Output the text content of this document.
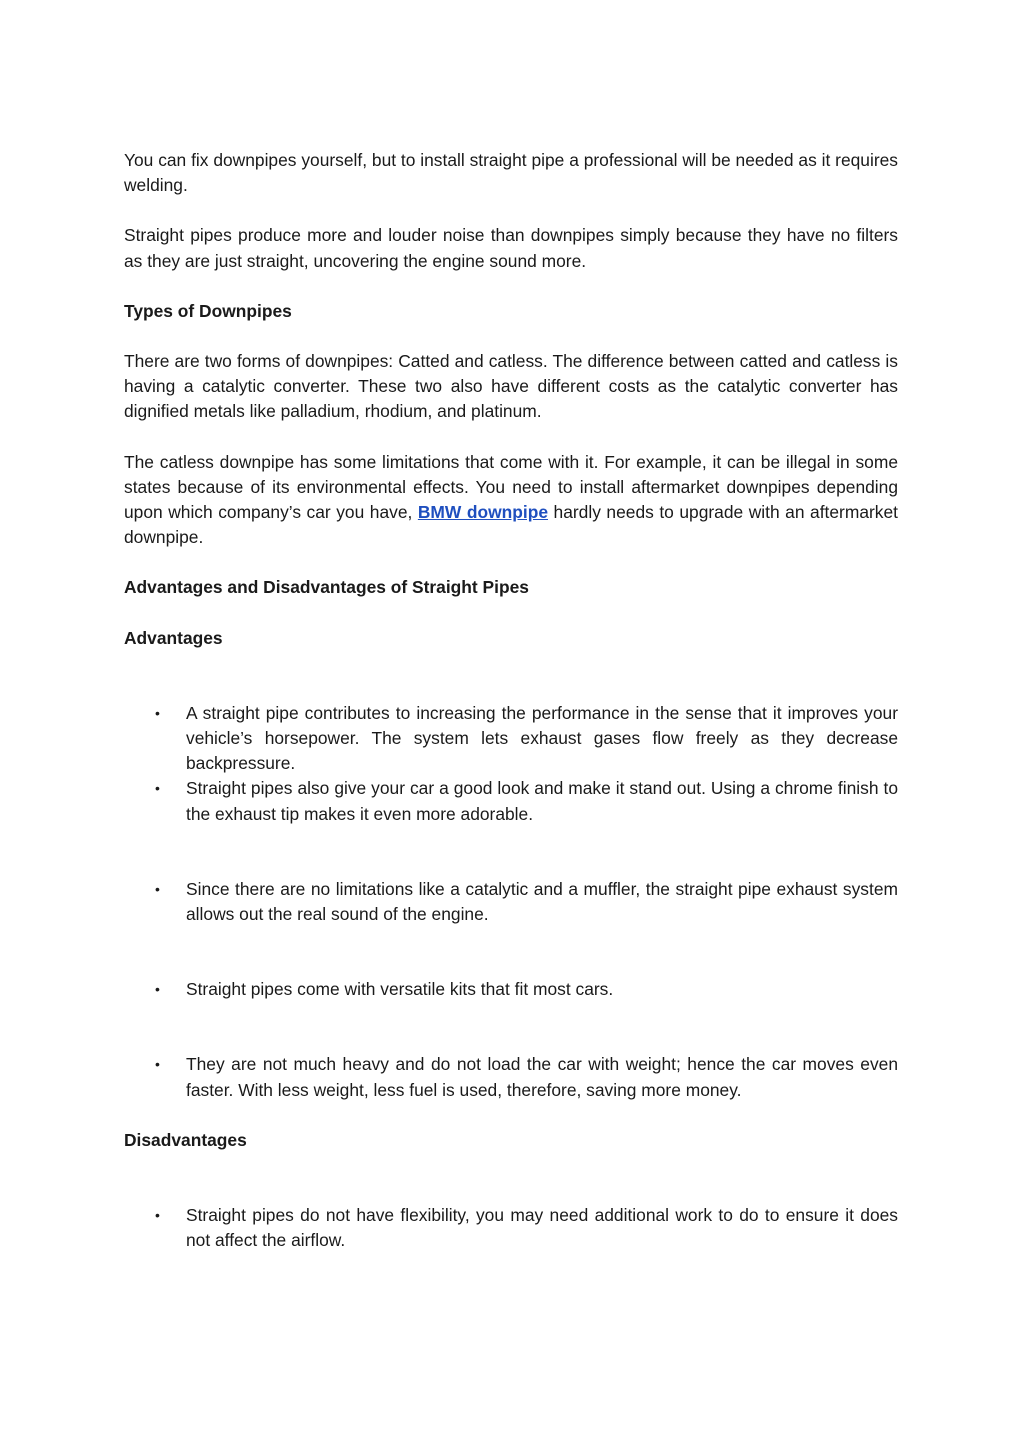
You can fix downpipes yourself, but to install straight pipe a professional will be needed as it requires welding.

Straight pipes produce more and louder noise than downpipes simply because they have no filters as they are just straight, uncovering the engine sound more.

Types of Downpipes

There are two forms of downpipes: Catted and catless. The difference between catted and catless is having a catalytic converter. These two also have different costs as the catalytic converter has dignified metals like palladium, rhodium, and platinum.

The catless downpipe has some limitations that come with it. For example, it can be illegal in some states because of its environmental effects. You need to install aftermarket downpipes depending upon which company’s car you have, BMW downpipe hardly needs to upgrade with an aftermarket downpipe.

Advantages and Disadvantages of Straight Pipes
Advantages
• A straight pipe contributes to increasing the performance in the sense that it improves your vehicle’s horsepower. The system lets exhaust gases flow freely as they decrease backpressure.
• Straight pipes also give your car a good look and make it stand out. Using a chrome finish to the exhaust tip makes it even more adorable.
• Since there are no limitations like a catalytic and a muffler, the straight pipe exhaust system allows out the real sound of the engine.
• Straight pipes come with versatile kits that fit most cars.
• They are not much heavy and do not load the car with weight; hence the car moves even faster. With less weight, less fuel is used, therefore, saving more money.
Disadvantages
• Straight pipes do not have flexibility, you may need additional work to do to ensure it does not affect the airflow.
